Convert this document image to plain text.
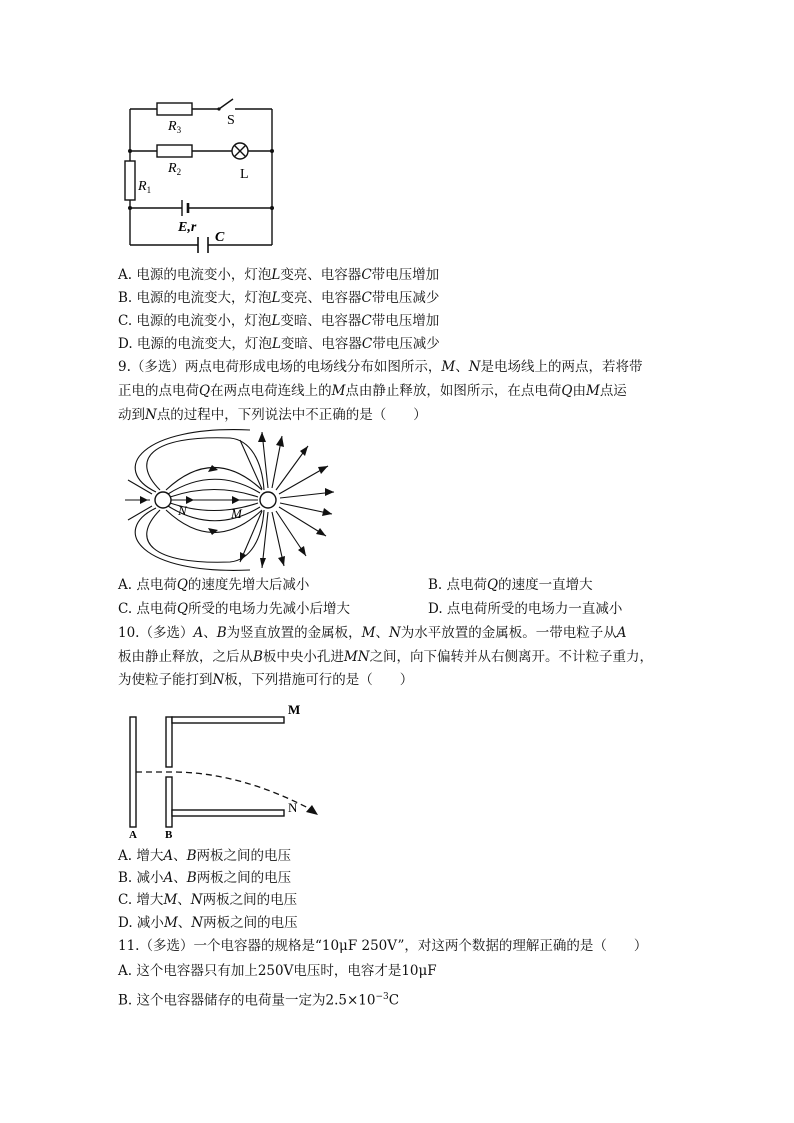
$R_3$
S
$R_2$	L
$R_1$
E,r
C
A. 电源的电流变小，灯泡L变亮、电容器C带电压增加
B. 电源的电流变大，灯泡L变亮、电容器C带电压减少
C. 电源的电流变小，灯泡L变暗、电容器C带电压增加
D. 电源的电流变大，灯泡L变暗、电容器C带电压减少
9.（多选）两点电荷形成电场的电场线分布如图所示，M、N是电场线上的两点，若将带
正电的点电荷Q在两点电荷连线上的M点由静止释放，如图所示，在点电荷Q由M点运
动到N点的过程中，下列说法中不正确的是（　　）
N	M
A. 点电荷Q的速度先增大后减小	B. 点电荷Q的速度一直增大
C. 点电荷Q所受的电场力先减小后增大	D. 点电荷所受的电场力一直减小
10.（多选）A、B为竖直放置的金属板，M、N为水平放置的金属板。一带电粒子从A
板由静止释放，之后从B板中央小孔进MN之间，向下偏转并从右侧离开。不计粒子重力，
为使粒子能打到N板，下列措施可行的是（　　）
M
N
A	B
A. 增大A、B两板之间的电压
B. 减小A、B两板之间的电压
C. 增大M、N两板之间的电压
D. 减小M、N两板之间的电压
11.（多选）一个电容器的规格是“10μF 250V”，对这两个数据的理解正确的是（　　）
A. 这个电容器只有加上250V电压时，电容才是10μF
B. 这个电容器储存的电荷量一定为$2.5\times 10^{-3}C$
